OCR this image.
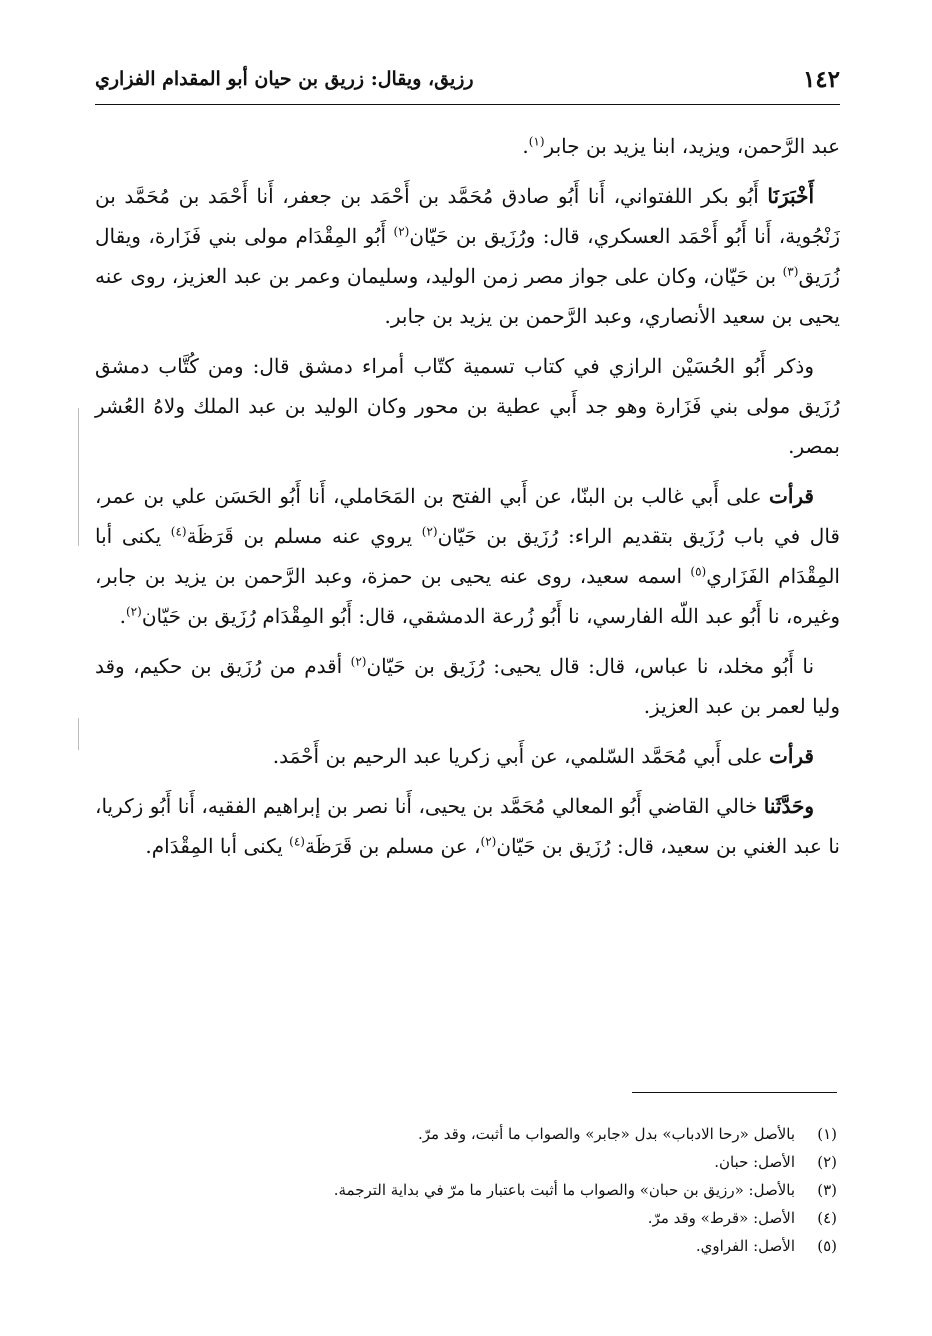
١٤٢
رزيق، ويقال: زريق بن حيان أبو المقدام الفزاري

عبد الرَّحمن، ويزيد، ابنا يزيد بن جابر$^{(١)}$.

أَخْبَرَنَا أَبُو بكر اللفتواني، أَنا أَبُو صادق مُحَمَّد بن أَحْمَد بن جعفر، أَنا أَحْمَد بن مُحَمَّد بن زَنْجُوية، أَنا أَبُو أَحْمَد العسكري، قال: ورُزَيق بن حَيّان$^{(٢)}$ أَبُو المِقْدَام مولى بني فَزَارة، ويقال زُرَيق$^{(٣)}$ بن حَيّان، وكان على جواز مصر زمن الوليد، وسليمان وعمر بن عبد العزيز، روى عنه يحيى بن سعيد الأنصاري، وعبد الرَّحمن بن يزيد بن جابر.

وذكر أَبُو الحُسَيْن الرازي في كتاب تسمية كتّاب أمراء دمشق قال: ومن كُتَّاب دمشق رُزَيق مولى بني فَزَارة وهو جد أَبي عطية بن محور وكان الوليد بن عبد الملك ولاهُ العُشر بمصر.

قرأت على أَبي غالب بن البنّا، عن أَبي الفتح بن المَحَاملي، أَنا أَبُو الحَسَن علي بن عمر، قال في باب رُزَيق بتقديم الراء: رُزَيق بن حَيّان$^{(٢)}$ يروي عنه مسلم بن قَرَظَة$^{(٤)}$ يكنى أبا المِقْدَام الفَزَاري$^{(٥)}$ اسمه سعيد، روى عنه يحيى بن حمزة، وعبد الرَّحمن بن يزيد بن جابر، وغيره، نا أَبُو عبد اللّه الفارسي، نا أَبُو زُرعة الدمشقي، قال: أَبُو المِقْدَام رُزَيق بن حَيّان$^{(٢)}$.

نا أَبُو مخلد، نا عباس، قال: قال يحيى: رُزَيق بن حَيّان$^{(٢)}$ أقدم من رُزَيق بن حكيم، وقد وليا لعمر بن عبد العزيز.

قرأت على أَبي مُحَمَّد السّلمي، عن أَبي زكريا عبد الرحيم بن أَحْمَد.

وحَدَّثَنا خالي القاضي أَبُو المعالي مُحَمَّد بن يحيى، أَنا نصر بن إبراهيم الفقيه، أَنا أَبُو زكريا، نا عبد الغني بن سعيد، قال: رُزَيق بن حَيّان$^{(٢)}$، عن مسلم بن قَرَظَة$^{(٤)}$ يكنى أبا المِقْدَام.

(١)
بالأصل «رحا الادباب» بدل «جابر» والصواب ما أثبت، وقد مرّ.
(٢)
الأصل: حبان.
(٣)
بالأصل: «رزيق بن حبان» والصواب ما أثبت باعتبار ما مرّ في بداية الترجمة.
(٤)
الأصل: «قرط» وقد مرّ.
(٥)
الأصل: الفراوي.
